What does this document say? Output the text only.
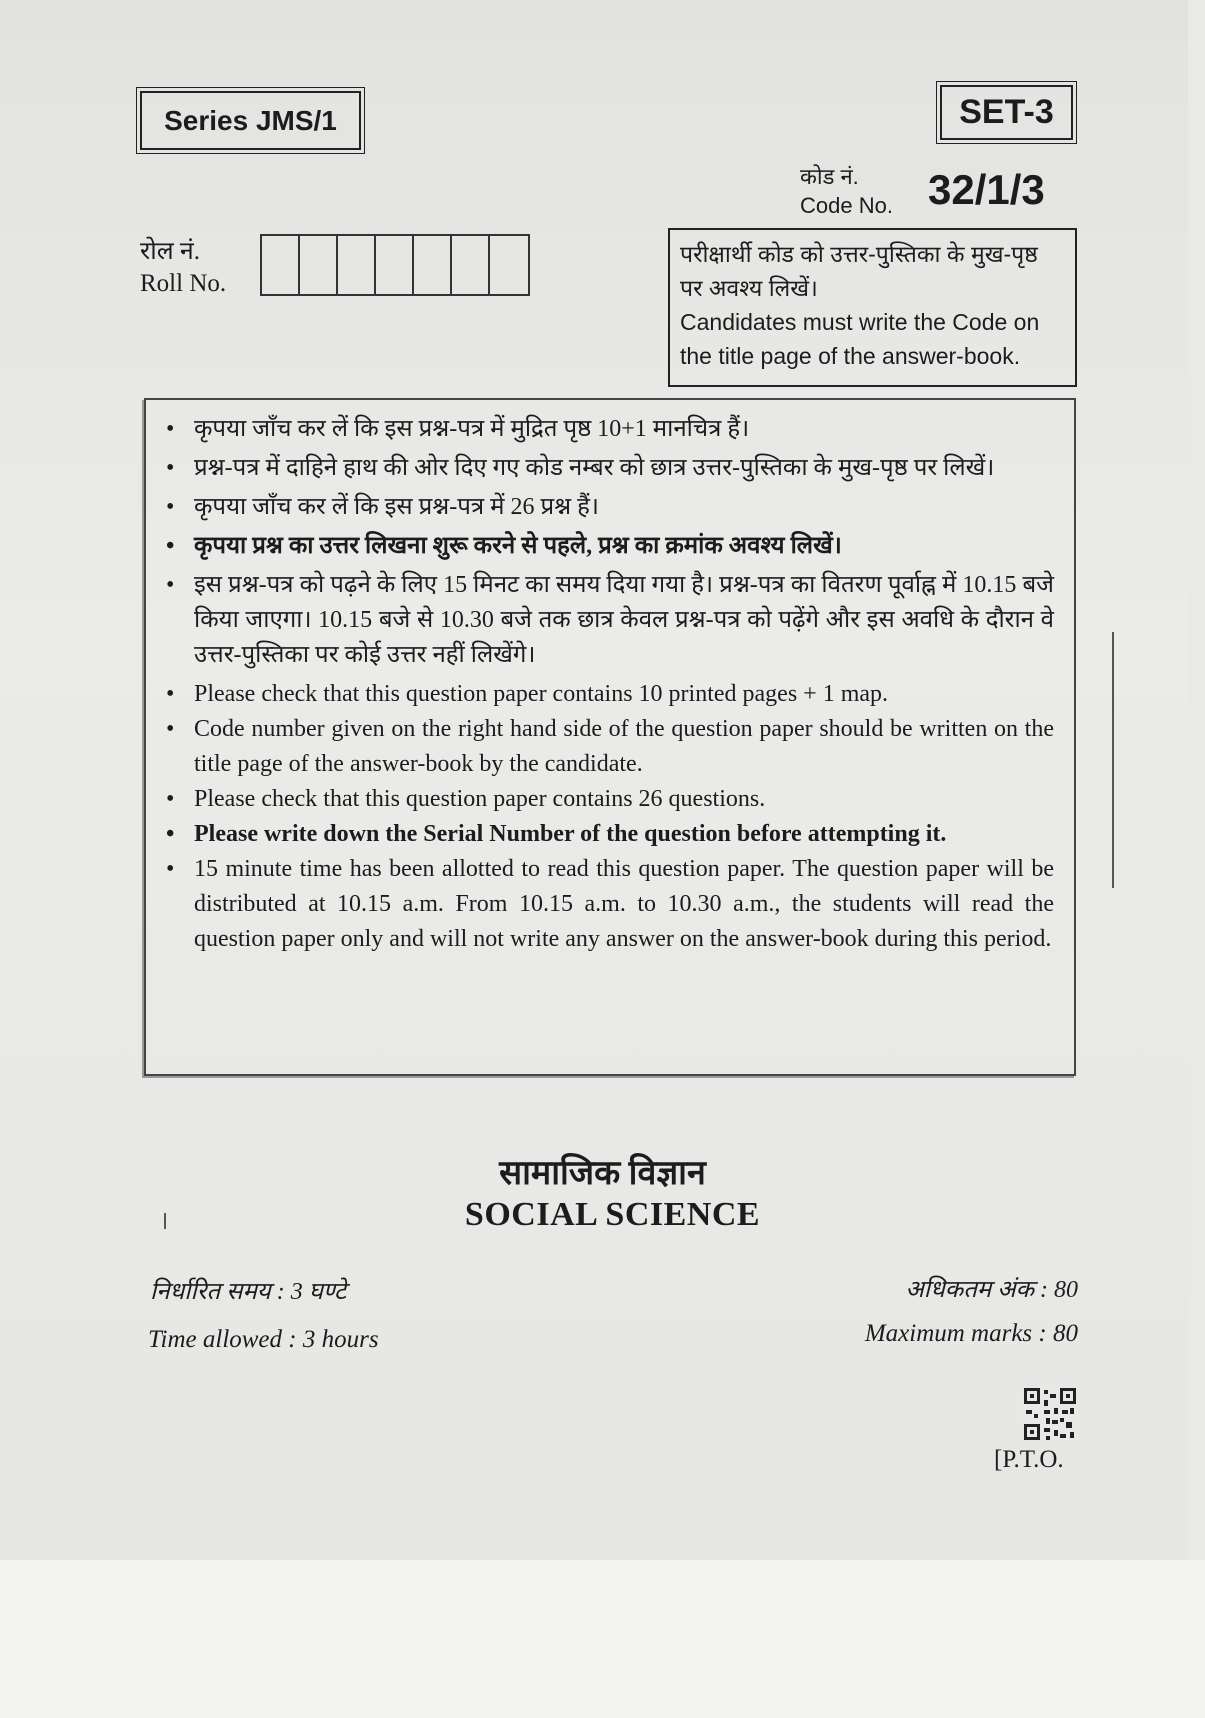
Series JMS/1	SET-3
कोड नं.
Code No. 32/1/3
रोल नं.
Roll No.
परीक्षार्थी कोड को उत्तर-पुस्तिका के मुख-पृष्ठ पर अवश्य लिखें।
Candidates must write the Code on the title page of the answer-book.
• कृपया जाँच कर लें कि इस प्रश्न-पत्र में मुद्रित पृष्ठ 10+1 मानचित्र हैं।
• प्रश्न-पत्र में दाहिने हाथ की ओर दिए गए कोड नम्बर को छात्र उत्तर-पुस्तिका के मुख-पृष्ठ पर लिखें।
• कृपया जाँच कर लें कि इस प्रश्न-पत्र में 26 प्रश्न हैं।
• कृपया प्रश्न का उत्तर लिखना शुरू करने से पहले, प्रश्न का क्रमांक अवश्य लिखें।
• इस प्रश्न-पत्र को पढ़ने के लिए 15 मिनट का समय दिया गया है। प्रश्न-पत्र का वितरण पूर्वाह्न में 10.15 बजे किया जाएगा। 10.15 बजे से 10.30 बजे तक छात्र केवल प्रश्न-पत्र को पढ़ेंगे और इस अवधि के दौरान वे उत्तर-पुस्तिका पर कोई उत्तर नहीं लिखेंगे।
• Please check that this question paper contains 10 printed pages + 1 map.
• Code number given on the right hand side of the question paper should be written on the title page of the answer-book by the candidate.
• Please check that this question paper contains 26 questions.
• Please write down the Serial Number of the question before attempting it.
• 15 minute time has been allotted to read this question paper. The question paper will be distributed at 10.15 a.m. From 10.15 a.m. to 10.30 a.m., the students will read the question paper only and will not write any answer on the answer-book during this period.
सामाजिक विज्ञान
SOCIAL SCIENCE
निर्धारित समय : 3 घण्टे
Time allowed : 3 hours
अधिकतम अंक : 80
Maximum marks : 80
[P.T.O.
